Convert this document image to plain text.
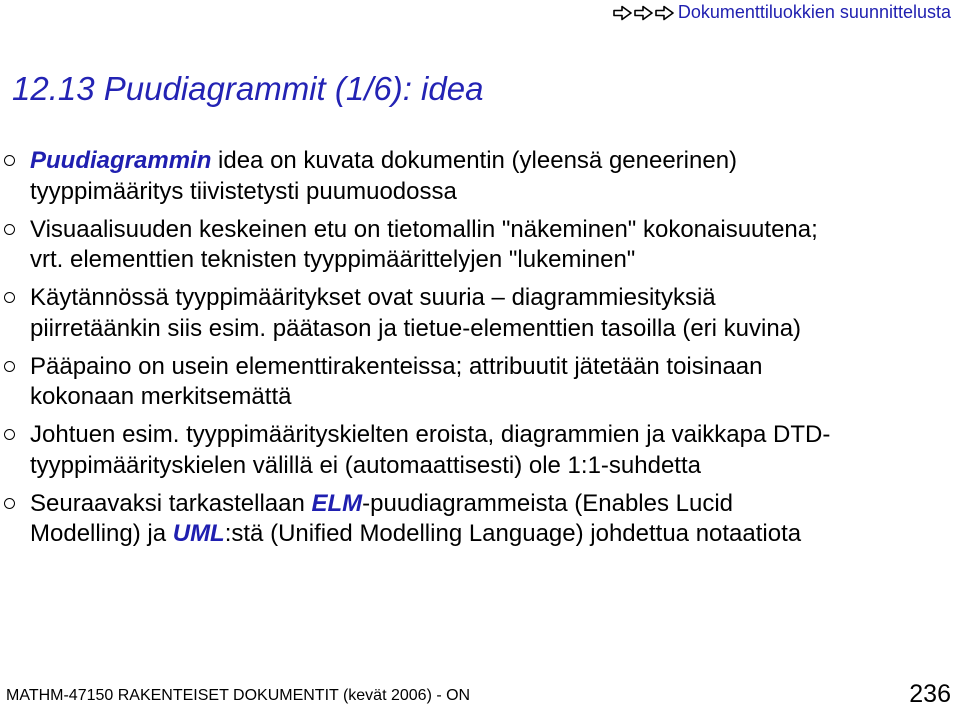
Dokumenttiluokkien suunnittelusta
12.13 Puudiagrammit (1/6): idea
Puudiagrammin idea on kuvata dokumentin (yleensä geneerinen)
tyyppimääritys tiivistetysti puumuodossa
Visuaalisuuden keskeinen etu on tietomallin "näkeminen" kokonaisuutena;
vrt. elementtien teknisten tyyppimäärittelyjen "lukeminen"
Käytännössä tyyppimääritykset ovat suuria – diagrammiesityksiä
piirretäänkin siis esim. päätason ja tietue-elementtien tasoilla (eri kuvina)
Pääpaino on usein elementtirakenteissa; attribuutit jätetään toisinaan
kokonaan merkitsemättä
Johtuen esim. tyyppimäärityskielten eroista, diagrammien ja vaikkapa DTD-
tyyppimäärityskielen välillä ei (automaattisesti) ole 1:1-suhdetta
Seuraavaksi tarkastellaan ELM-puudiagrammeista (Enables Lucid
Modelling) ja UML:stä (Unified Modelling Language) johdettua notaatiota
MATHM-47150 RAKENTEISET DOKUMENTIT (kevät 2006) - ON	236
